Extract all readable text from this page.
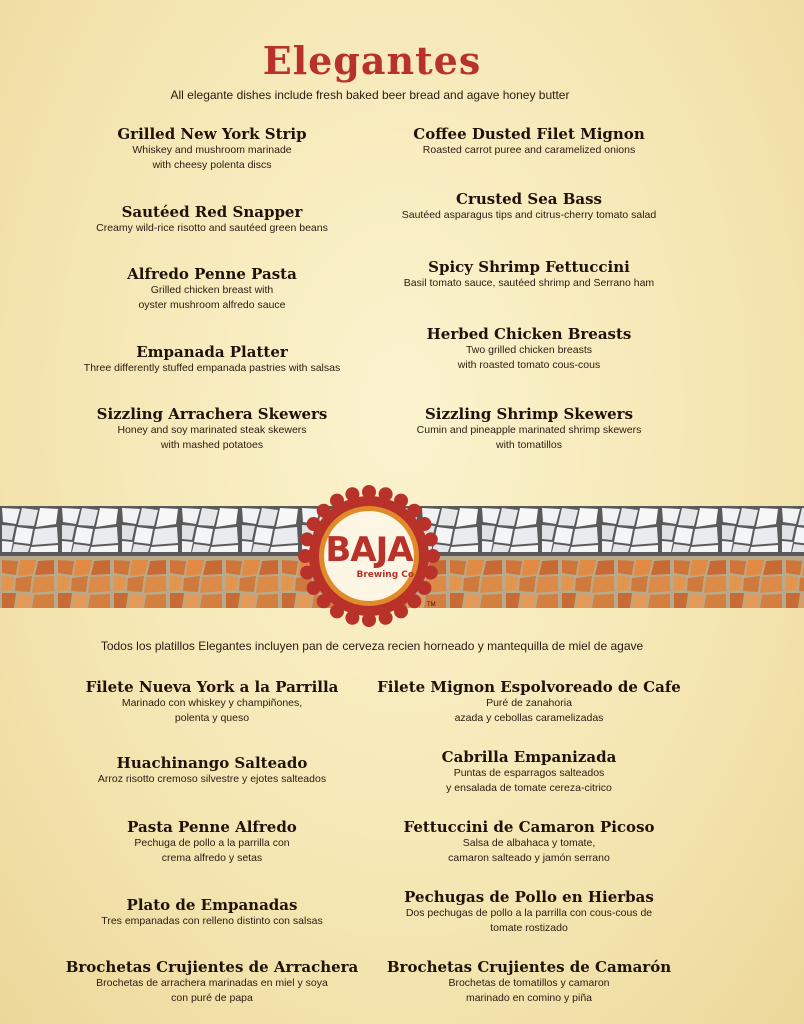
Elegantes
All elegante dishes include fresh baked beer bread and agave honey butter
Grilled New York Strip
Whiskey and mushroom marinade
with cheesy polenta discs
Sautéed Red Snapper
Creamy wild-rice risotto and sautéed green beans
Alfredo Penne Pasta
Grilled chicken breast with
oyster mushroom alfredo sauce
Empanada Platter
Three differently stuffed empanada pastries with salsas
Sizzling Arrachera Skewers
Honey and soy marinated steak skewers
with mashed potatoes
Coffee Dusted Filet Mignon
Roasted carrot puree and caramelized onions
Crusted Sea Bass
Sautéed asparagus tips and citrus-cherry tomato salad
Spicy Shrimp Fettuccini
Basil tomato sauce, sautéed shrimp and Serrano ham
Herbed Chicken Breasts
Two grilled chicken breasts
with roasted tomato cous-cous
Sizzling Shrimp Skewers
Cumin and pineapple marinated shrimp skewers
with tomatillos
BAJA
Brewing Co.
TM
Todos los platillos Elegantes incluyen pan de cerveza recien horneado y mantequilla de miel de agave
Filete Nueva York a la Parrilla
Marinado con whiskey y champiñones,
polenta y queso
Huachinango Salteado
Arroz risotto cremoso silvestre y ejotes salteados
Pasta Penne Alfredo
Pechuga de pollo a la parrilla con
crema alfredo y setas
Plato de Empanadas
Tres empanadas con relleno distinto con salsas
Brochetas Crujientes de Arrachera
Brochetas de arrachera marinadas en miel y soya
con puré de papa
Filete Mignon Espolvoreado de Cafe
Puré de zanahoria
azada y cebollas caramelizadas
Cabrilla Empanizada
Puntas de esparragos salteados
y ensalada de tomate cereza-citrico
Fettuccini de Camaron Picoso
Salsa de albahaca y tomate,
camaron salteado y jamón serrano
Pechugas de Pollo en Hierbas
Dos pechugas de pollo a la parrilla con cous-cous de
tomate rostizado
Brochetas Crujientes de Camarón
Brochetas de tomatillos y camaron
marinado en comino y piña
